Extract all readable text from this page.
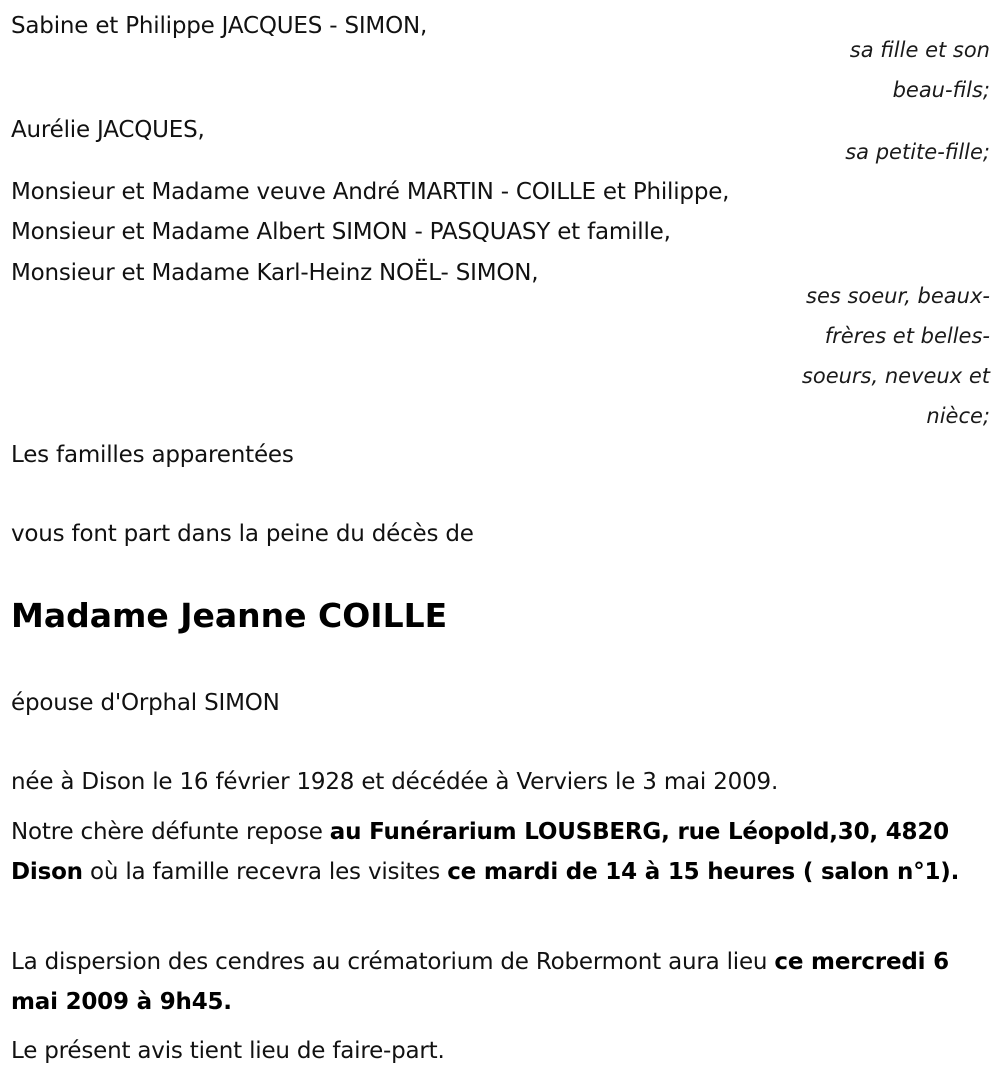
Sabine et Philippe JACQUES - SIMON,
sa fille et son
beau-fils;
Aurélie JACQUES,
sa petite-fille;
Monsieur et Madame veuve André MARTIN - COILLE et Philippe,
Monsieur et Madame Albert SIMON - PASQUASY et famille,
Monsieur et Madame Karl-Heinz NOËL- SIMON,
ses soeur, beaux-
frères et belles-
soeurs, neveux et
nièce;
Les familles apparentées
vous font part dans la peine du décès de
Madame Jeanne COILLE
épouse d'Orphal SIMON
née à Dison le 16 février 1928 et décédée à Verviers le 3 mai 2009.
Notre chère défunte repose au Funérarium LOUSBERG, rue Léopold,30, 4820 Dison où la famille recevra les visites ce mardi de 14 à 15 heures ( salon n°1).
La dispersion des cendres au crématorium de Robermont aura lieu ce mercredi 6 mai 2009 à 9h45.
Le présent avis tient lieu de faire-part.
